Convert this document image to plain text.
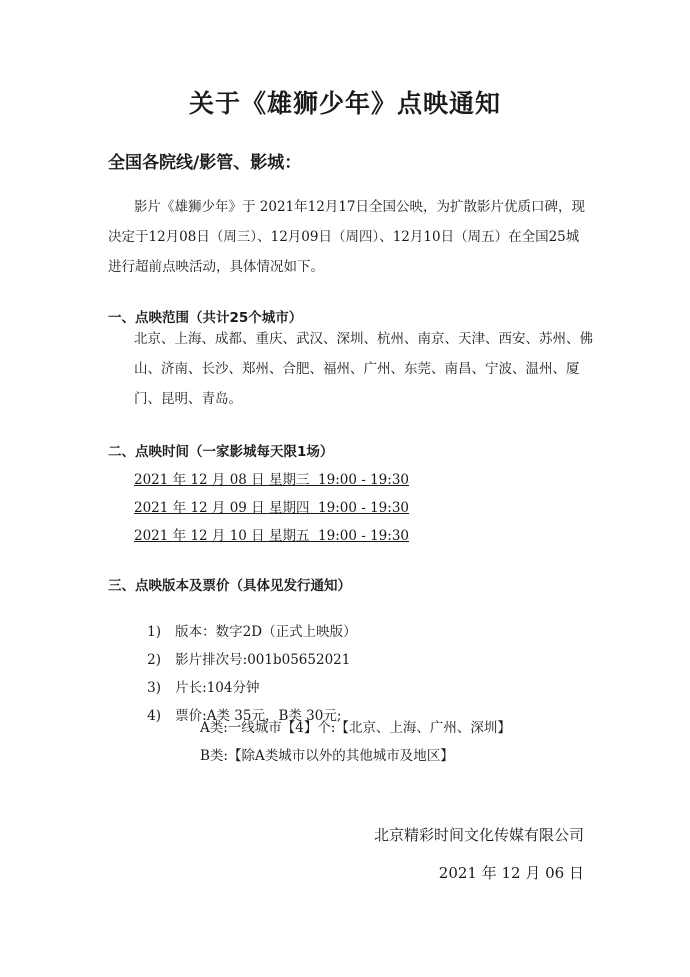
关于《雄狮少年》点映通知
全国各院线/影管、影城：
影片《雄狮少年》于 2021年12月17日全国公映，为扩散影片优质口碑，现决定于12月08日（周三）、12月09日（周四）、12月10日（周五）在全国25城进行超前点映活动，具体情况如下。
一、点映范围（共计25个城市）
北京、上海、成都、重庆、武汉、深圳、杭州、南京、天津、西安、苏州、佛山、济南、长沙、郑州、合肥、福州、广州、东莞、南昌、宁波、温州、厦门、昆明、青岛。
二、点映时间（一家影城每天限1场）
2021 年 12 月 08 日 星期三  19:00 - 19:30
2021 年 12 月 09 日 星期四  19:00 - 19:30
2021 年 12 月 10 日 星期五  19:00 - 19:30
三、点映版本及票价（具体见发行通知）

1) 版本：数字2D（正式上映版）

2) 影片排次号:001b05652021

3) 片长:104分钟

4) 票价:A类 35元，B类 30元;

A类:一线城市【4】个:【北京、上海、广州、深圳】
B类:【除A类城市以外的其他城市及地区】
北京精彩时间文化传媒有限公司
2021 年 12 月 06 日
